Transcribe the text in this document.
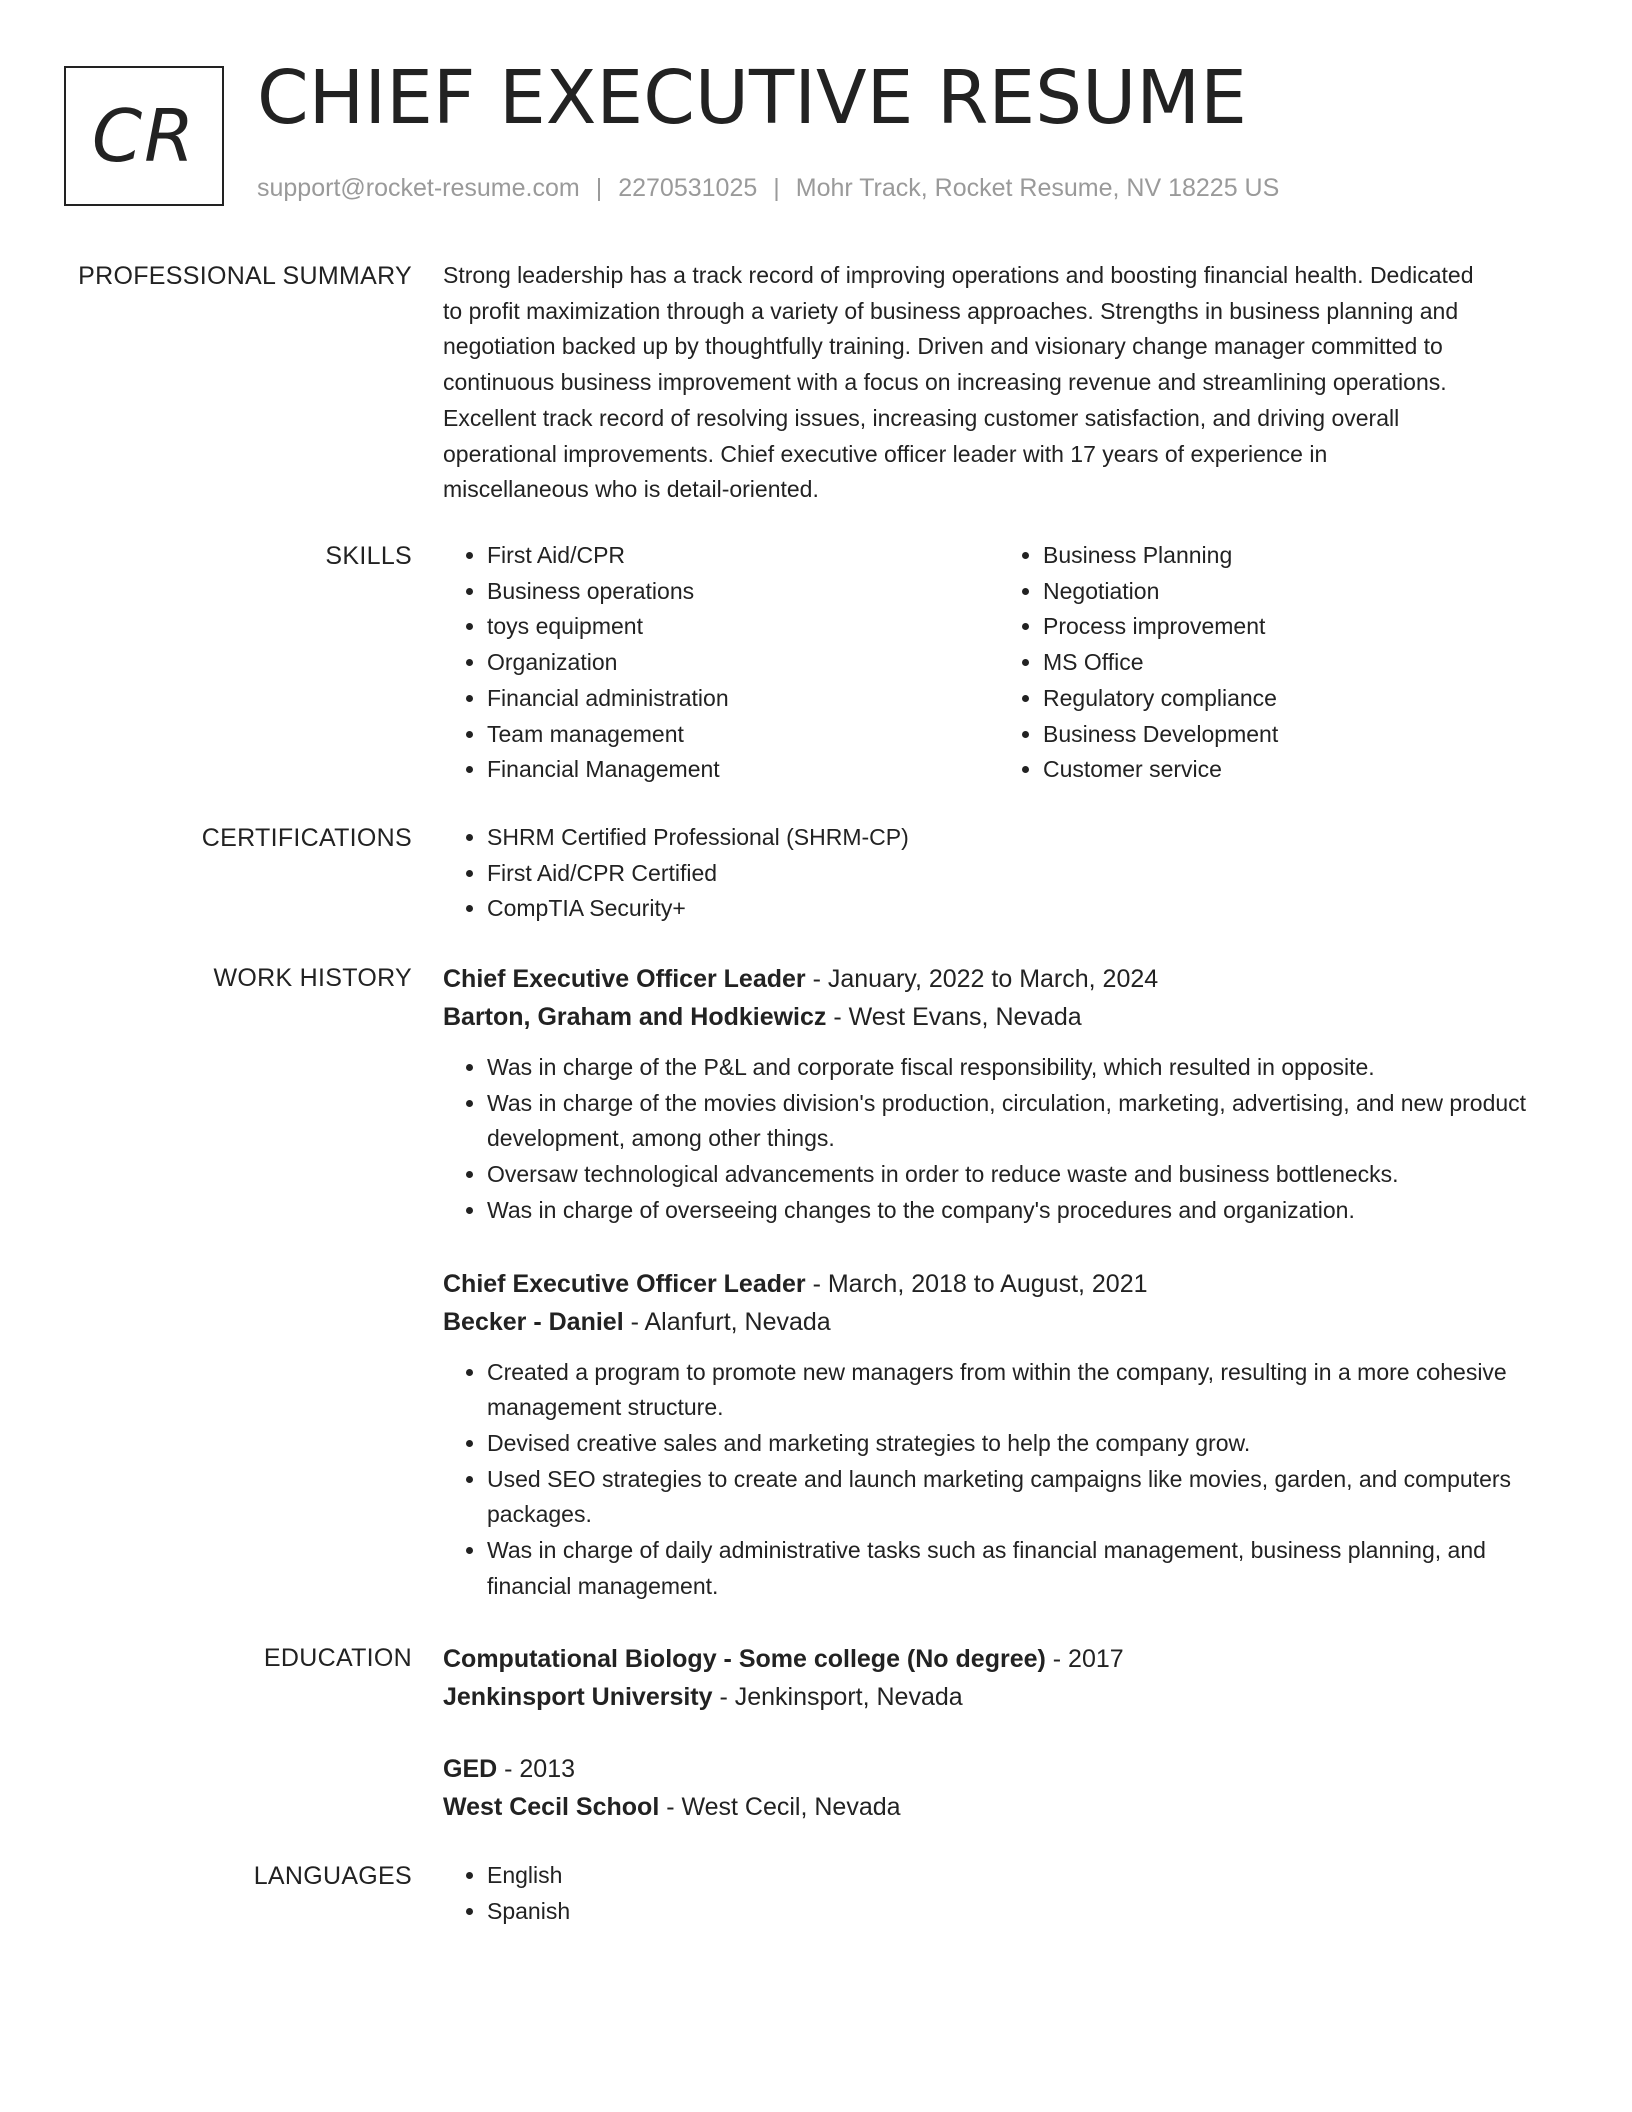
CR CHIEF EXECUTIVE RESUME
support@rocket-resume.com | 2270531025 | Mohr Track, Rocket Resume, NV 18225 US
PROFESSIONAL SUMMARY Strong leadership has a track record of improving operations and boosting financial health. Dedicated
to profit maximization through a variety of business approaches. Strengths in business planning and
negotiation backed up by thoughtfully training. Driven and visionary change manager committed to
continuous business improvement with a focus on increasing revenue and streamlining operations.
Excellent track record of resolving issues, increasing customer satisfaction, and driving overall
operational improvements. Chief executive officer leader with 17 years of experience in
miscellaneous who is detail-oriented.

SKILLS	• First Aid/CPR
• Business operations
• toys equipment
• Organization
• Financial administration
• Team management
• Financial Management
• Business Planning
• Negotiation
• Process improvement
• MS Office
• Regulatory compliance
• Business Development
• Customer service
CERTIFICATIONS	• SHRM Certified Professional (SHRM-CP)
• First Aid/CPR Certified
• CompTIA Security+
WORK HISTORY Chief Executive Officer Leader - January, 2022 to March, 2024
Barton, Graham and Hodkiewicz - West Evans, Nevada
• Was in charge of the P&L and corporate fiscal responsibility, which resulted in opposite.
• Was in charge of the movies division's production, circulation, marketing, advertising, and new product development, among other things.
• Oversaw technological advancements in order to reduce waste and business bottlenecks.
• Was in charge of overseeing changes to the company's procedures and organization.
Chief Executive Officer Leader - March, 2018 to August, 2021
Becker - Daniel - Alanfurt, Nevada
• Created a program to promote new managers from within the company, resulting in a more cohesive management structure.
• Devised creative sales and marketing strategies to help the company grow.
• Used SEO strategies to create and launch marketing campaigns like movies, garden, and computers packages.
• Was in charge of daily administrative tasks such as financial management, business planning, and financial management.
EDUCATION Computational Biology - Some college (No degree) - 2017
Jenkinsport University - Jenkinsport, Nevada
GED - 2013
West Cecil School - West Cecil, Nevada
LANGUAGES	• English
• Spanish
